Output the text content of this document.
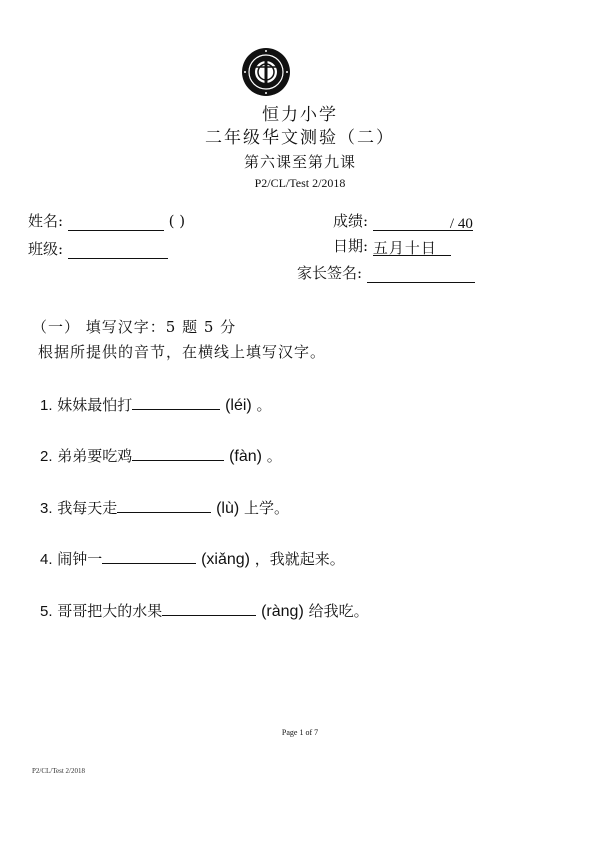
恒力小学
二年级华文测验（二）
第六课至第九课
P2/CL/Test 2/2018
姓名:	( )
班级:
成绩:	/ 40
日期: 五月十日
家长签名:
（一） 填写汉字：5 题 5 分
根据所提供的音节，在横线上填写汉字。
1. 妹妹最怕打	(léi) 。
2. 弟弟要吃鸡	(fàn) 。
3. 我每天走	(lù) 上学。
4. 闹钟一	(xiǎng) ，我就起来。
5. 哥哥把大的水果	(ràng) 给我吃。
Page 1 of 7
P2/CL/Test 2/2018
